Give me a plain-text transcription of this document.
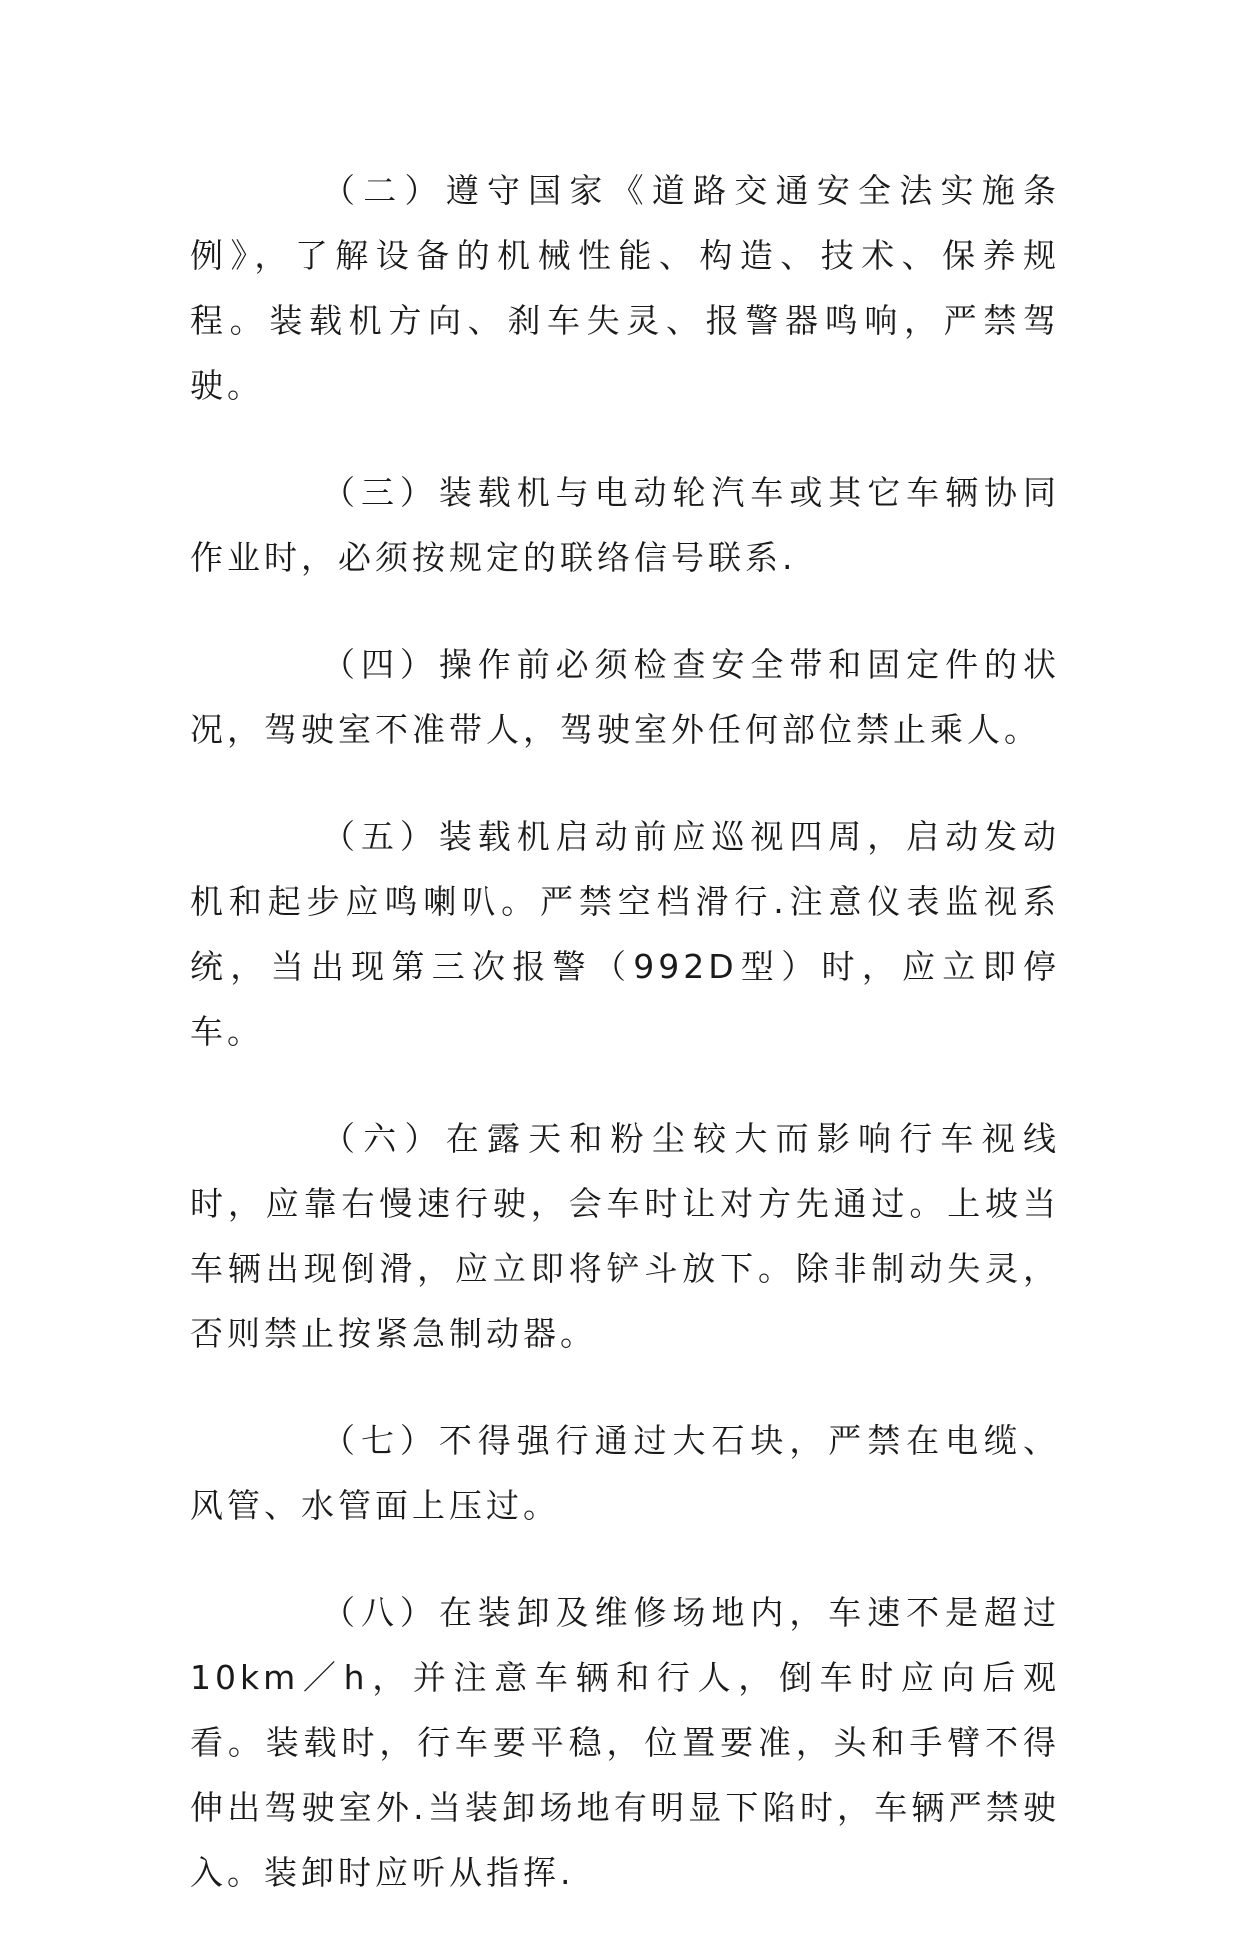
（二）遵守国家《道路交通安全法实施条例》，了解设备的机械性能、构造、技术、保养规程。装载机方向、刹车失灵、报警器鸣响，严禁驾驶。

（三）装载机与电动轮汽车或其它车辆协同作业时，必须按规定的联络信号联系.

（四）操作前必须检查安全带和固定件的状况，驾驶室不准带人，驾驶室外任何部位禁止乘人。

（五）装载机启动前应巡视四周，启动发动机和起步应鸣喇叭。严禁空档滑行.注意仪表监视系统，当出现第三次报警（992D型）时，应立即停车。

（六）在露天和粉尘较大而影响行车视线时，应靠右慢速行驶，会车时让对方先通过。上坡当车辆出现倒滑，应立即将铲斗放下。除非制动失灵，否则禁止按紧急制动器。

（七）不得强行通过大石块，严禁在电缆、风管、水管面上压过。

（八）在装卸及维修场地内，车速不是超过10km／h，并注意车辆和行人，倒车时应向后观看。装载时，行车要平稳，位置要准，头和手臂不得伸出驾驶室外.当装卸场地有明显下陷时，车辆严禁驶入。装卸时应听从指挥.
